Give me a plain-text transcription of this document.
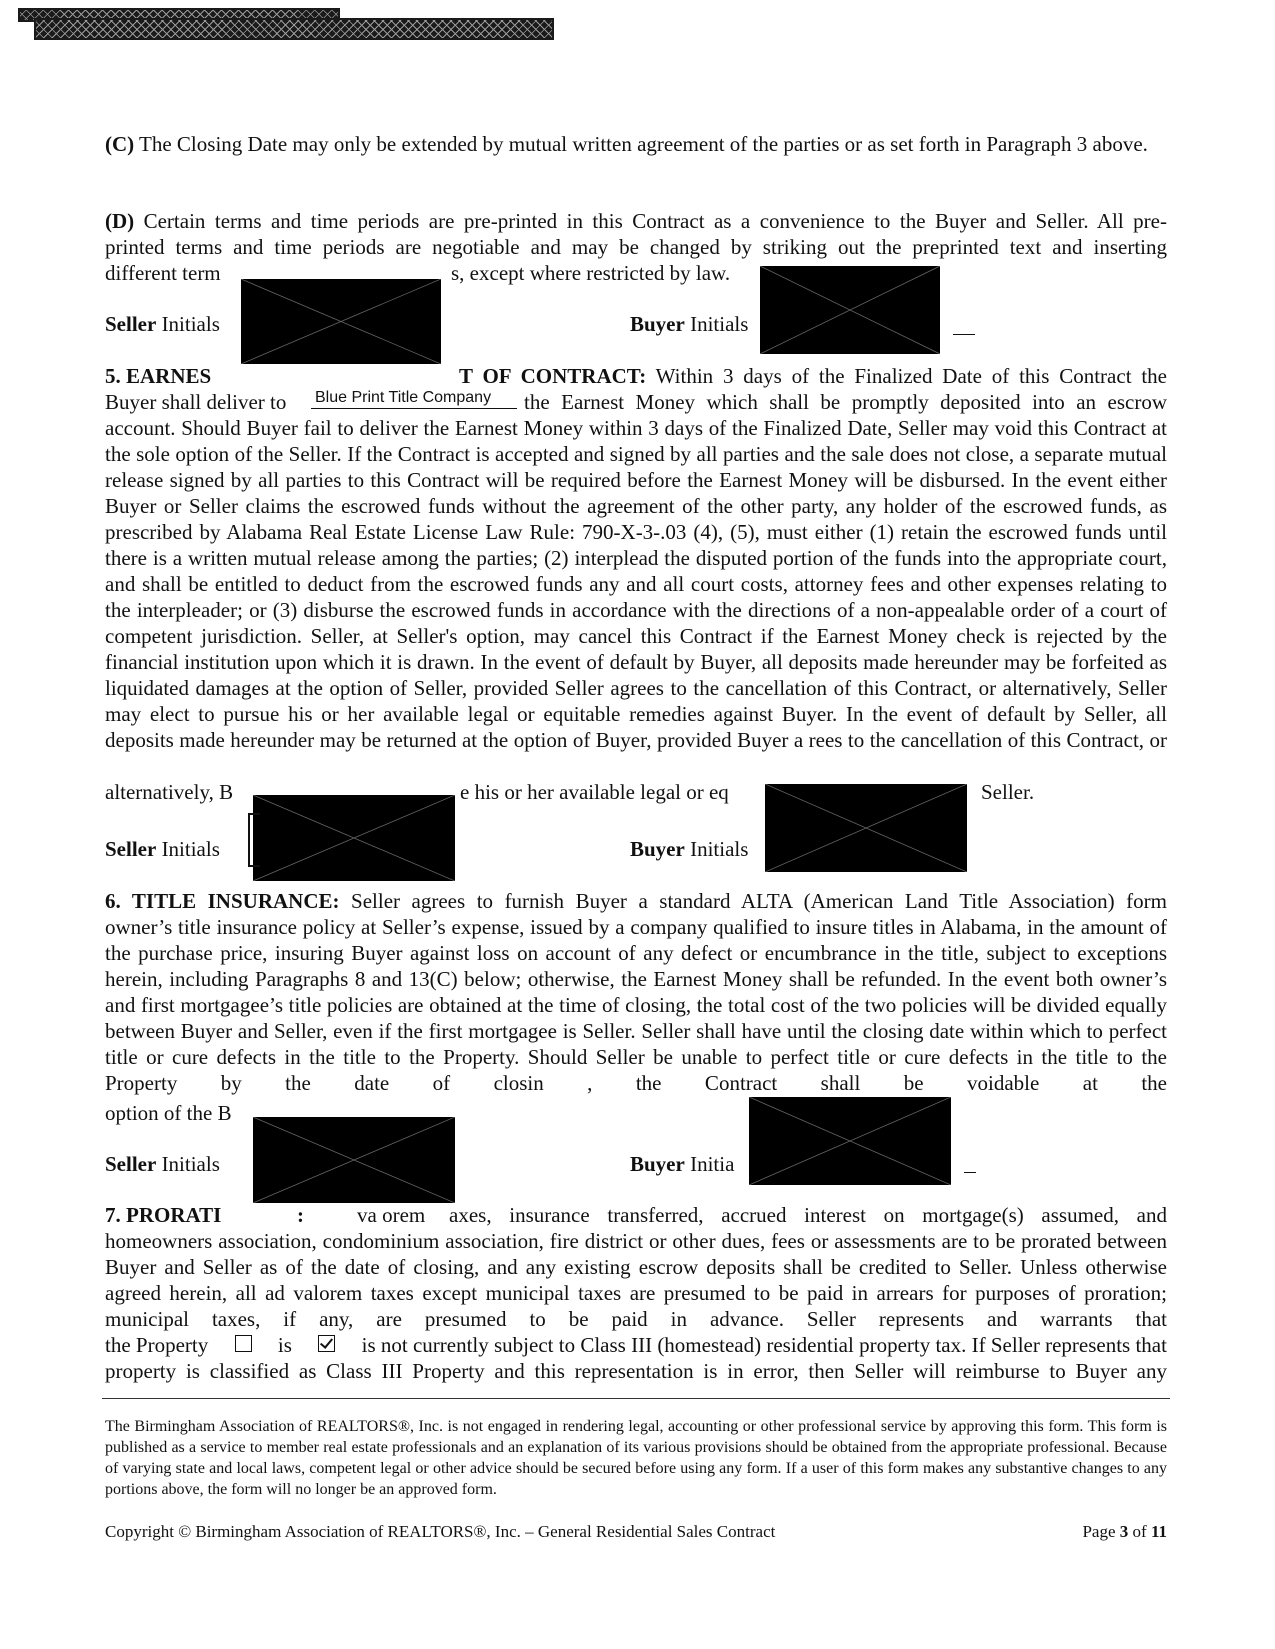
(C) The Closing Date may only be extended by mutual written agreement of the parties or as set forth in Paragraph 3 above.
(D) Certain terms and time periods are pre-printed in this Contract as a convenience to the Buyer and Seller. All pre-
printed terms and time periods are negotiable and may be changed by striking out the preprinted text and inserting
different term	s, except where restricted by law.
Seller Initials	Buyer Initials
5. EARNES	T OF CONTRACT: Within 3 days of the Finalized Date of this Contract the
Buyer shall deliver to Blue Print Title Company	the Earnest Money which shall be promptly deposited into an escrow
account. Should Buyer fail to deliver the Earnest Money within 3 days of the Finalized Date, Seller may void this Contract at the sole option of the Seller. If the Contract is accepted and signed by all parties and the sale does not close, a separate mutual release signed by all parties to this Contract will be required before the Earnest Money will be disbursed. In the event either Buyer or Seller claims the escrowed funds without the agreement of the other party, any holder of the escrowed funds, as prescribed by Alabama Real Estate License Law Rule: 790-X-3-.03 (4), (5), must either (1) retain the escrowed funds until there is a written mutual release among the parties; (2) interplead the disputed portion of the funds into the appropriate court, and shall be entitled to deduct from the escrowed funds any and all court costs, attorney fees and other expenses relating to the interpleader; or (3) disburse the escrowed funds in accordance with the directions of a non-appealable order of a court of competent jurisdiction. Seller, at Seller's option, may cancel this Contract if the Earnest Money check is rejected by the financial institution upon which it is drawn. In the event of default by Buyer, all deposits made hereunder may be forfeited as liquidated damages at the option of Seller, provided Seller agrees to the cancellation of this Contract, or alternatively, Seller may elect to pursue his or her available legal or equitable remedies against Buyer. In the event of default by Seller, all deposits made hereunder may be returned at the option of Buyer, provided Buyer a rees to the cancellation of this Contract, or
alternatively, B	e his or her available legal or eq	Seller.
Seller Initials	Buyer Initials
6. TITLE INSURANCE: Seller agrees to furnish Buyer a standard ALTA (American Land Title Association) form
owner’s title insurance policy at Seller’s expense, issued by a company qualified to insure titles in Alabama, in the amount of the purchase price, insuring Buyer against loss on account of any defect or encumbrance in the title, subject to exceptions herein, including Paragraphs 8 and 13(C) below; otherwise, the Earnest Money shall be refunded. In the event both owner’s and first mortgagee’s title policies are obtained at the time of closing, the total cost of the two policies will be divided equally between Buyer and Seller, even if the first mortgagee is Seller. Seller shall have until the closing date within which to perfect title or cure defects in the title to the Property. Should Seller be unable to perfect title or cure defects in the title to the Property by the date of closin , the Contract shall be voidable at the
option of the B
Seller Initials	Buyer Initia
7. PRORATI	:	va orem axes, insurance transferred, accrued interest on mortgage(s) assumed, and
homeowners association, condominium association, fire district or other dues, fees or assessments are to be prorated between Buyer and Seller as of the date of closing, and any existing escrow deposits shall be credited to Seller. Unless otherwise agreed herein, all ad valorem taxes except municipal taxes are presumed to be paid in arrears for purposes of proration; municipal taxes, if any, are presumed to be paid in advance. Seller represents and warrants that
the Property	is	is not currently subject to Class III (homestead) residential property tax. If Seller represents that
property is classified as Class III Property and this representation is in error, then Seller will reimburse to Buyer any
The Birmingham Association of REALTORS®, Inc. is not engaged in rendering legal, accounting or other professional service by approving this form. This form is published as a service to member real estate professionals and an explanation of its various provisions should be obtained from the appropriate professional. Because of varying state and local laws, competent legal or other advice should be secured before using any form. If a user of this form makes any substantive changes to any portions above, the form will no longer be an approved form.
Copyright © Birmingham Association of REALTORS®, Inc. – General Residential Sales Contract	Page 3 of 11
